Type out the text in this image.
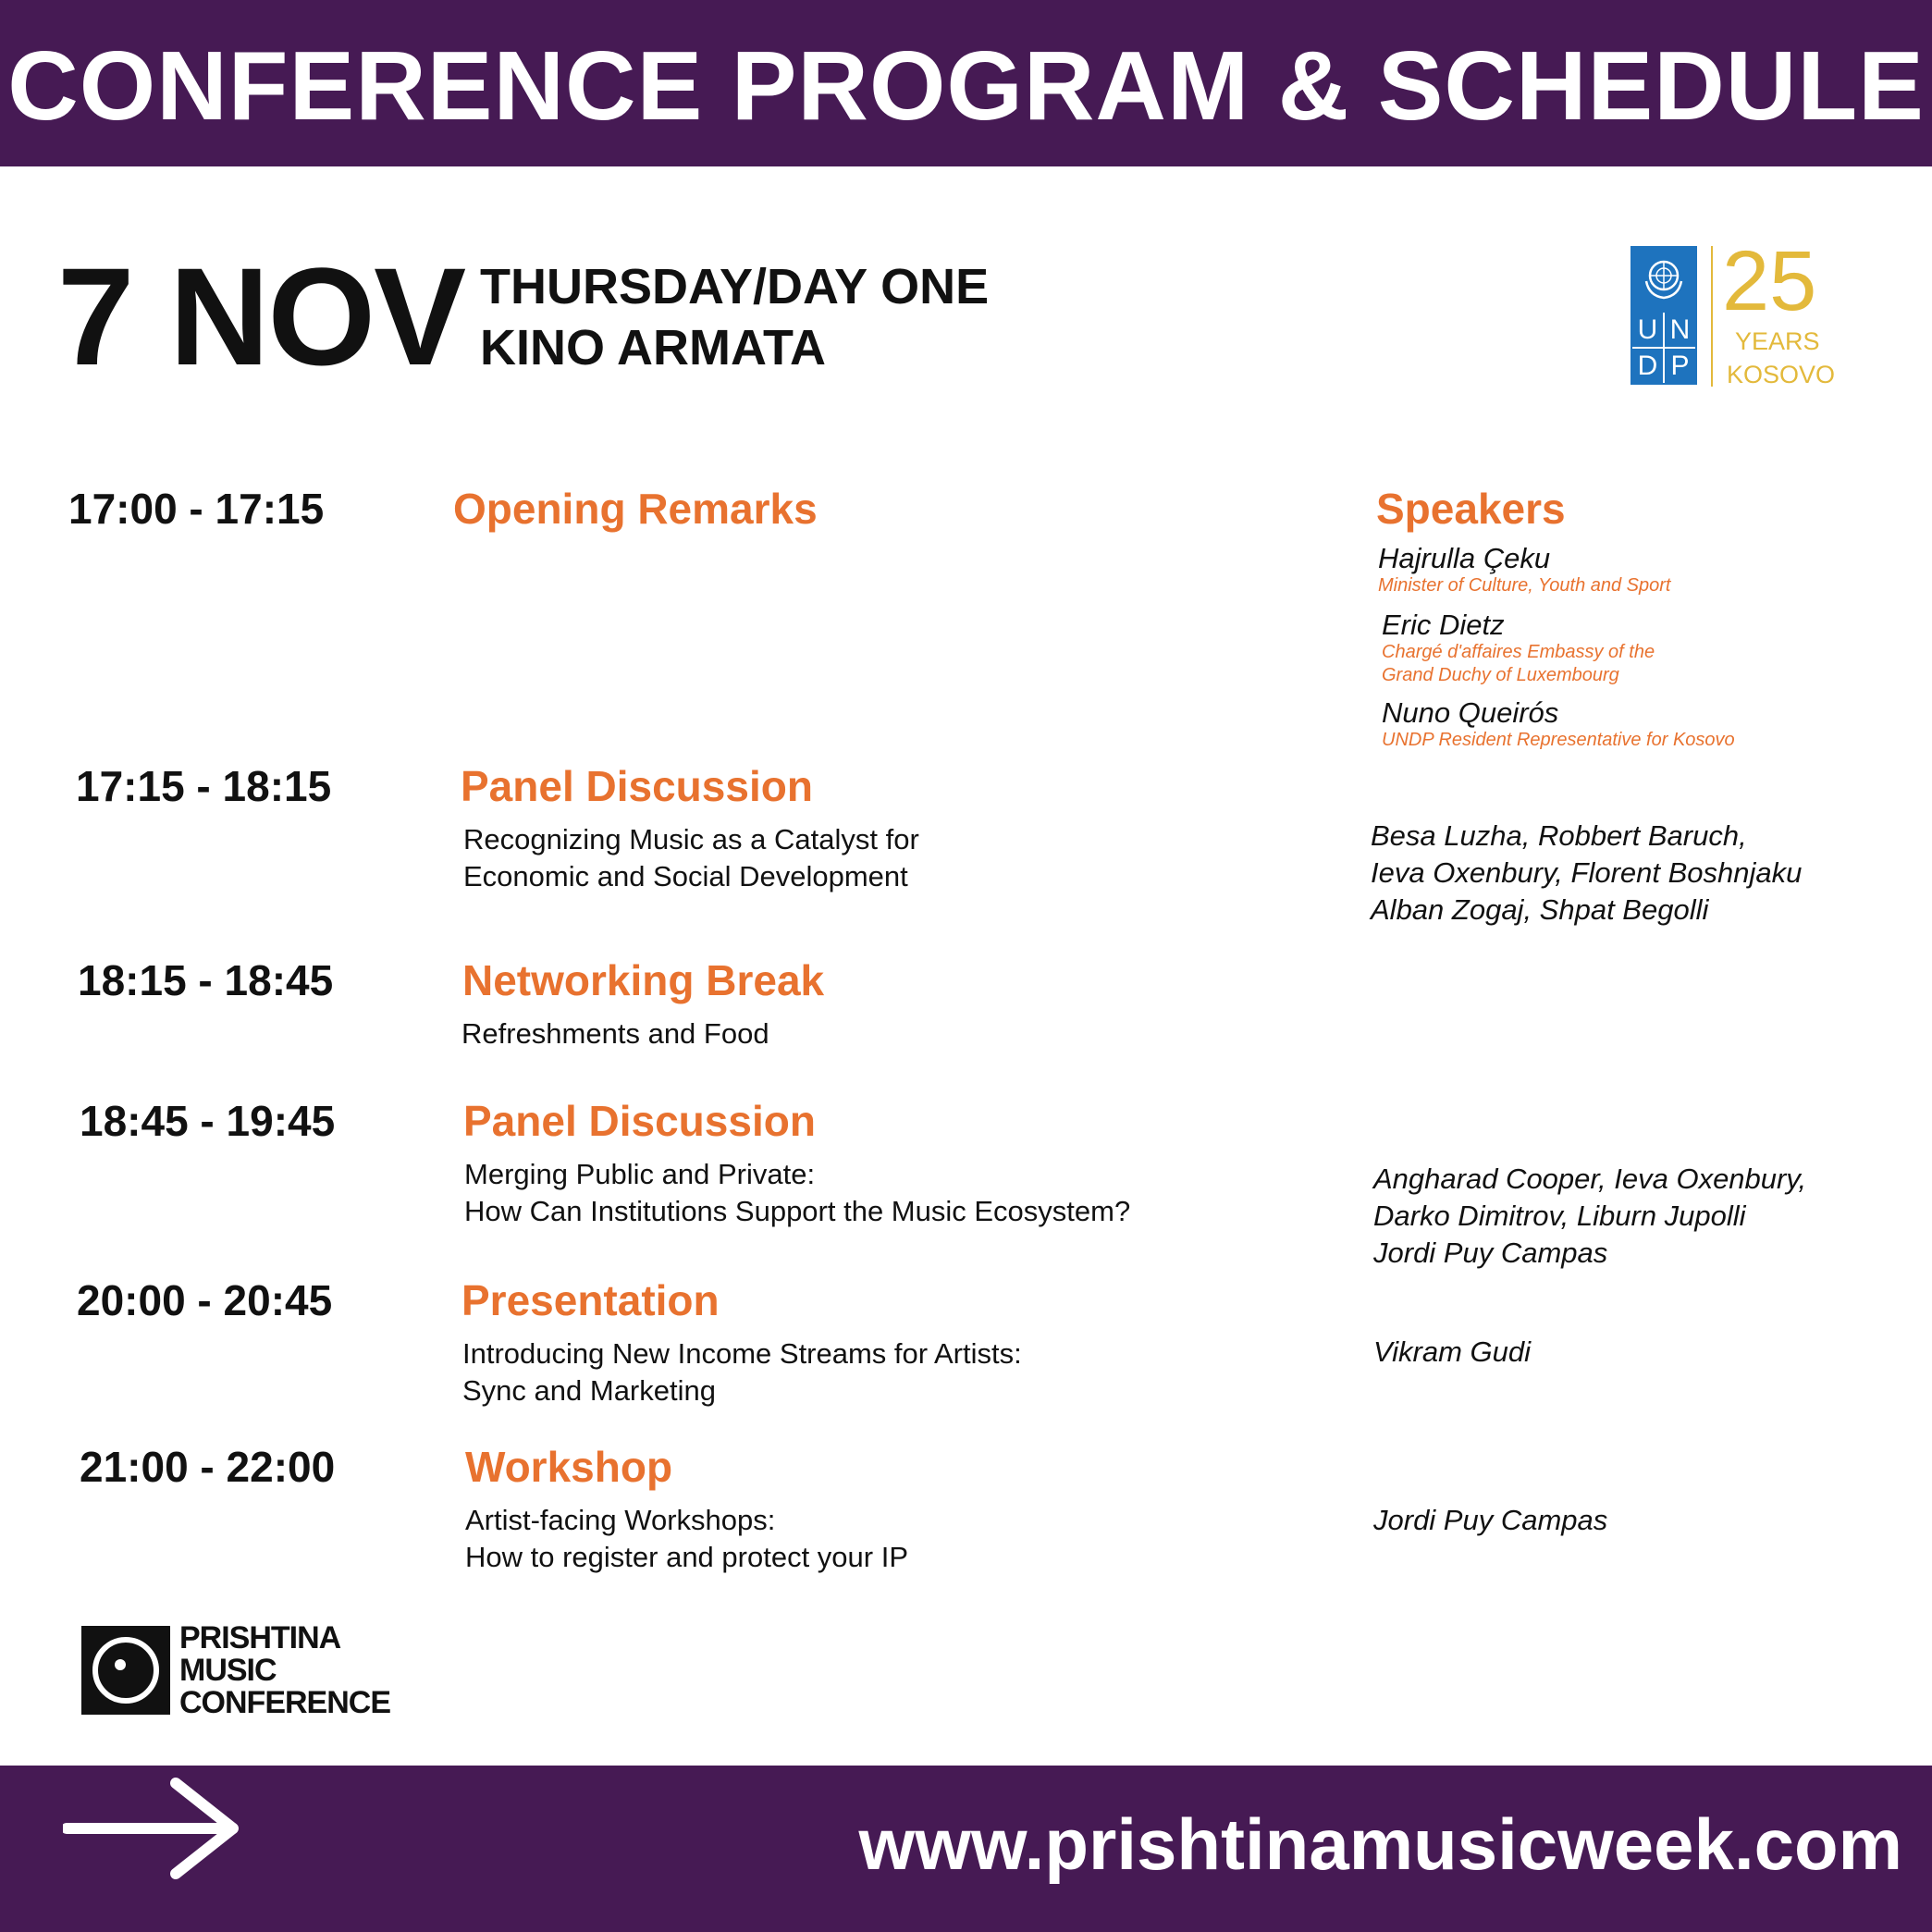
CONFERENCE PROGRAM & SCHEDULE
7 NOV THURSDAY/DAY ONE
KINO ARMATA	U N
D P
25
YEARS
KOSOVO
17:00 - 17:15	Opening Remarks	Speakers
Hajrulla Çeku
Minister of Culture, Youth and Sport
Eric Dietz
Chargé d'affaires Embassy of the
Grand Duchy of Luxembourg
Nuno Queirós
UNDP Resident Representative for Kosovo
17:15 - 18:15	Panel Discussion
Recognizing Music as a Catalyst for
Economic and Social Development
Besa Luzha, Robbert Baruch,
Ieva Oxenbury, Florent Boshnjaku
Alban Zogaj, Shpat Begolli
18:15 - 18:45	Networking Break
Refreshments and Food
18:45 - 19:45	Panel Discussion
Merging Public and Private:
How Can Institutions Support the Music Ecosystem?
Angharad Cooper, Ieva Oxenbury,
Darko Dimitrov, Liburn Jupolli
Jordi Puy Campas
20:00 - 20:45	Presentation
Introducing New Income Streams for Artists:
Sync and Marketing
Vikram Gudi
21:00 - 22:00	Workshop
Artist-facing Workshops:
How to register and protect your IP
Jordi Puy Campas
PRISHTINA
MUSIC
CONFERENCE
www.prishtinamusicweek.com
